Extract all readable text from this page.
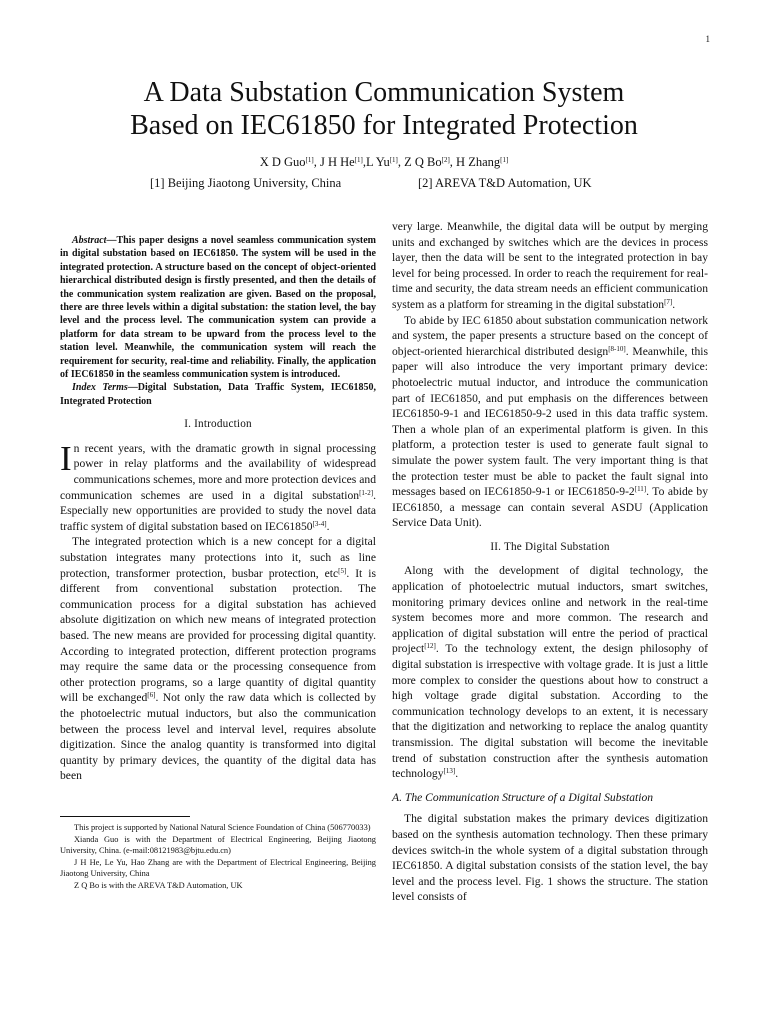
1
A Data Substation Communication System
Based on IEC61850 for Integrated Protection
X D Guo[1], J H He[1],L Yu[1], Z Q Bo[2], H Zhang[1]
[1] Beijing Jiaotong University, China	[2] AREVA T&D Automation, UK

Abstract—This paper designs a novel seamless communication system in digital substation based on IEC61850. The system will be used in the integrated protection. A structure based on the concept of object-oriented hierarchical distributed design is firstly presented, and then the details of the communication system realization are given. Based on the proposal, there are three levels within a digital substation: the station level, the bay level and the process level. The communication system can provide a platform for data stream to be upward from the process level to the station level. Meanwhile, the communication system will reach the requirement for security, real-time and reliability. Finally, the application of IEC61850 in the seamless communication system is introduced.

Index Terms—Digital Substation, Data Traffic System, IEC61850, Integrated Protection

I. Introduction

In recent years, with the dramatic growth in signal processing power in relay platforms and the availability of widespread communications schemes, more and more protection devices and communication schemes are used in a digital substation[1-2]. Especially new opportunities are provided to study the novel data traffic system of digital substation based on IEC61850[3-4].

The integrated protection which is a new concept for a digital substation integrates many protections into it, such as line protection, transformer protection, busbar protection, etc[5]. It is different from conventional substation protection. The communication process for a digital substation has achieved absolute digitization on which new means of integrated protection based. The new means are provided for processing digital quantity. According to integrated protection, different protection programs may require the same data or the processing consequence from other protection programs, so a large quantity of digital quantity will be exchanged[6]. Not only the raw data which is collected by the photoelectric mutual inductors, but also the communication between the process level and interval level, requires absolute digitization. Since the analog quantity is transformed into digital quantity by primary devices, the quantity of the digital data has been

very large. Meanwhile, the digital data will be output by merging units and exchanged by switches which are the devices in process layer, then the data will be sent to the integrated protection in bay level for being processed. In order to reach the requirement for real-time and security, the data stream needs an efficient communication system as a platform for streaming in the digital substation[7].

To abide by IEC 61850 about substation communication network and system, the paper presents a structure based on the concept of object-oriented hierarchical distributed design[8-10]. Meanwhile, this paper will also introduce the very important primary device: photoelectric mutual inductor, and introduce the communication part of IEC61850, and put emphasis on the differences between IEC61850-9-1 and IEC61850-9-2 used in this data traffic system. Then a whole plan of an experimental platform is given. In this platform, a protection tester is used to generate fault signal to simulate the power system fault. The very important thing is that the protection tester must be able to packet the fault signal into messages based on IEC61850-9-1 or IEC61850-9-2[11]. To abide by IEC61850, a message can contain several ASDU (Application Service Data Unit).

II. The Digital Substation

Along with the development of digital technology, the application of photoelectric mutual inductors, smart switches, monitoring primary devices online and network in the real-time system becomes more and more common. The research and application of digital substation will entre the period of practical project[12]. To the technology extent, the design philosophy of digital substation is irrespective with voltage grade. It is just a little more complex to consider the questions about how to construct a high voltage grade digital substation. According to the communication technology develops to an extent, it is necessary that the digitization and networking to replace the analog quantity transmission. The digital substation will become the inevitable trend of substation construction after the synthesis automation technology[13].

A. The Communication Structure of a Digital Substation

The digital substation makes the primary devices digitization based on the synthesis automation technology. Then these primary devices switch-in the whole system of a digital substation through IEC61850. A digital substation consists of the station level, the bay level and the process level. Fig. 1 shows the structure. The station level consists of

This project is supported by National Natural Science Foundation of China (506770033)

Xianda Guo is with the Department of Electrical Engineering, Beijing Jiaotong University, China. (e-mail:08121983@bjtu.edu.cn)

J H He, Le Yu, Hao Zhang are with the Department of Electrical Engineering, Beijing Jiaotong University, China

Z Q Bo is with the AREVA T&D Automation, UK
